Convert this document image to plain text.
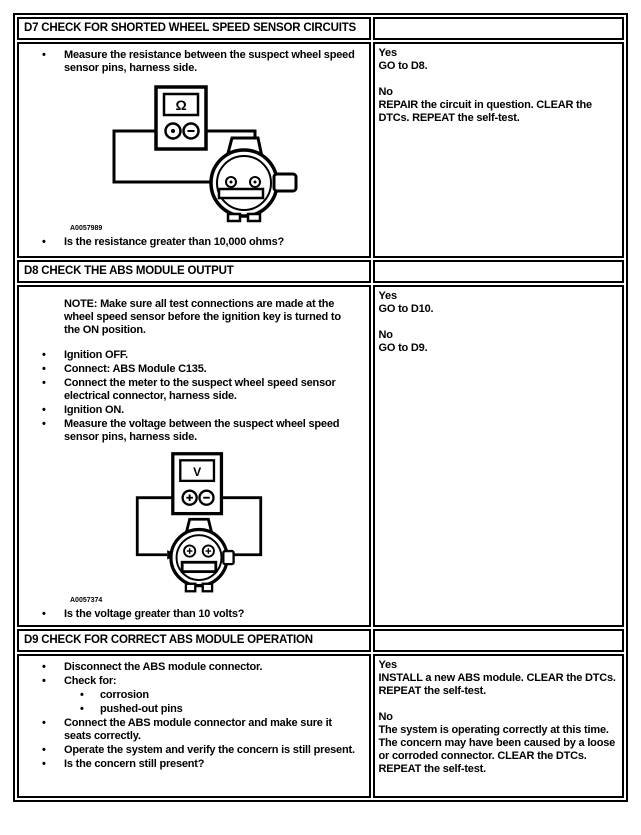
D7 CHECK FOR SHORTED WHEEL SPEED SENSOR CIRCUITS	

•	Measure the resistance between the suspect wheel speed sensor pins, harness side.
Ω
A0057989
•	Is the resistance greater than 10,000 ohms?

Yes
GO to D8.
No
REPAIR the circuit in question. CLEAR the DTCs. REPEAT the self-test.

D8 CHECK THE ABS MODULE OUTPUT	

NOTE: Make sure all test connections are made at the wheel speed sensor before the ignition key is turned to the ON position.
•	Ignition OFF.
•	Connect: ABS Module C135.
•	Connect the meter to the suspect wheel speed sensor electrical connector, harness side.
•	Ignition ON.
•	Measure the voltage between the suspect wheel speed sensor pins, harness side.
V
A0057374
•	Is the voltage greater than 10 volts?

Yes
GO to D10.
No
GO to D9.

D9 CHECK FOR CORRECT ABS MODULE OPERATION	

•	Disconnect the ABS module connector.
•	Check for:
•	corrosion
•	pushed-out pins
•	Connect the ABS module connector and make sure it seats correctly.
•	Operate the system and verify the concern is still present.
•	Is the concern still present?

Yes
INSTALL a new ABS module. CLEAR the DTCs. REPEAT the self-test.
No
The system is operating correctly at this time. The concern may have been caused by a loose or corroded connector. CLEAR the DTCs. REPEAT the self-test.
